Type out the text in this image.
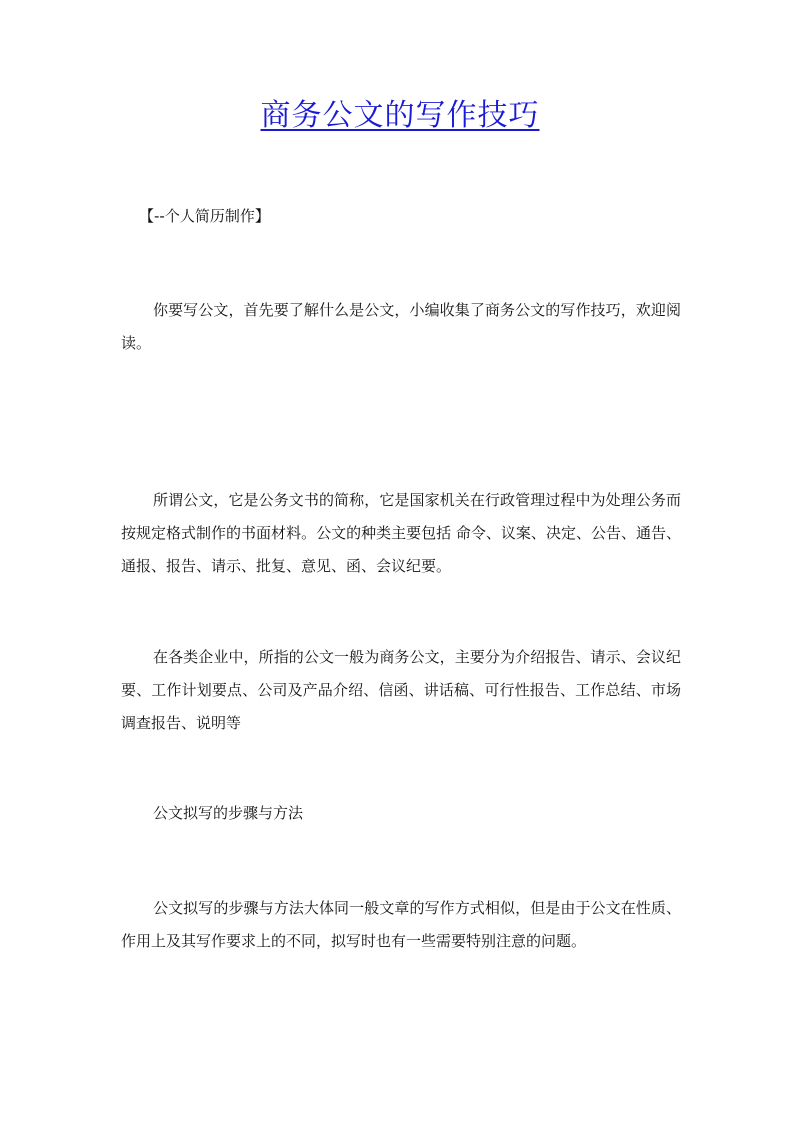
商务公文的写作技巧

【--个人简历制作】

你要写公文，首先要了解什么是公文，小编收集了商务公文的写作技巧，欢迎阅读。

所谓公文，它是公务文书的简称，它是国家机关在行政管理过程中为处理公务而按规定格式制作的书面材料。公文的种类主要包括 命令、议案、决定、公告、通告、通报、报告、请示、批复、意见、函、会议纪要。

在各类企业中，所指的公文一般为商务公文，主要分为介绍报告、请示、会议纪要、工作计划要点、公司及产品介绍、信函、讲话稿、可行性报告、工作总结、市场调查报告、说明等

公文拟写的步骤与方法

公文拟写的步骤与方法大体同一般文章的写作方式相似，但是由于公文在性质、作用上及其写作要求上的不同，拟写时也有一些需要特别注意的问题。
